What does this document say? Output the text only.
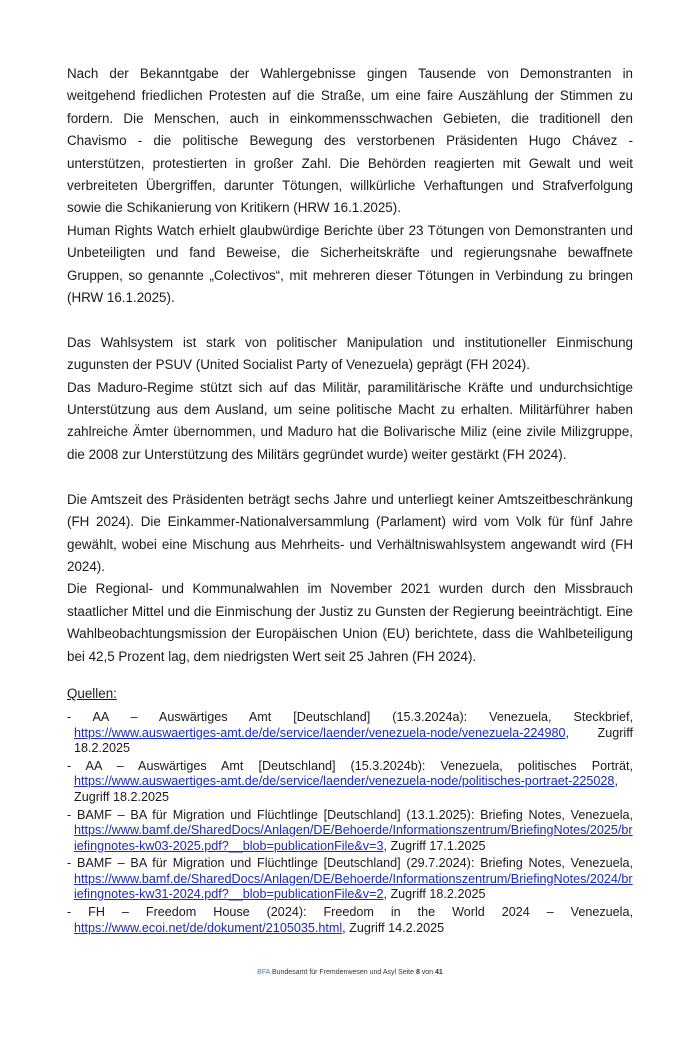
Nach der Bekanntgabe der Wahlergebnisse gingen Tausende von Demonstranten in weitgehend friedlichen Protesten auf die Straße, um eine faire Auszählung der Stimmen zu fordern. Die Menschen, auch in einkommensschwachen Gebieten, die traditionell den Chavismo - die politische Bewegung des verstorbenen Präsidenten Hugo Chávez - unterstützen, protestierten in großer Zahl. Die Behörden reagierten mit Gewalt und weit verbreiteten Übergriffen, darunter Tötungen, willkürliche Verhaftungen und Strafverfolgung sowie die Schikanierung von Kritikern (HRW 16.1.2025).

Human Rights Watch erhielt glaubwürdige Berichte über 23 Tötungen von Demonstranten und Unbeteiligten und fand Beweise, die Sicherheitskräfte und regierungsnahe bewaffnete Gruppen, so genannte „Colectivos“, mit mehreren dieser Tötungen in Verbindung zu bringen (HRW 16.1.2025).

Das Wahlsystem ist stark von politischer Manipulation und institutioneller Einmischung zugunsten der PSUV (United Socialist Party of Venezuela) geprägt (FH 2024).

Das Maduro-Regime stützt sich auf das Militär, paramilitärische Kräfte und undurchsichtige Unterstützung aus dem Ausland, um seine politische Macht zu erhalten. Militärführer haben zahlreiche Ämter übernommen, und Maduro hat die Bolivarische Miliz (eine zivile Milizgruppe, die 2008 zur Unterstützung des Militärs gegründet wurde) weiter gestärkt (FH 2024).

Die Amtszeit des Präsidenten beträgt sechs Jahre und unterliegt keiner Amtszeitbeschränkung (FH 2024). Die Einkammer-Nationalversammlung (Parlament) wird vom Volk für fünf Jahre gewählt, wobei eine Mischung aus Mehrheits- und Verhältniswahlsystem angewandt wird (FH 2024).

Die Regional- und Kommunalwahlen im November 2021 wurden durch den Missbrauch staatlicher Mittel und die Einmischung der Justiz zu Gunsten der Regierung beeinträchtigt. Eine Wahlbeobachtungsmission der Europäischen Union (EU) berichtete, dass die Wahlbeteiligung bei 42,5 Prozent lag, dem niedrigsten Wert seit 25 Jahren (FH 2024).

Quellen:

- AA – Auswärtiges Amt [Deutschland] (15.3.2024a): Venezuela, Steckbrief, https://www.auswaertiges-amt.de/de/service/laender/venezuela-node/venezuela-224980, Zugriff 18.2.2025

- AA – Auswärtiges Amt [Deutschland] (15.3.2024b): Venezuela, politisches Porträt, https://www.auswaertiges-amt.de/de/service/laender/venezuela-node/politisches-portraet-225028, Zugriff 18.2.2025

- BAMF – BA für Migration und Flüchtlinge [Deutschland] (13.1.2025): Briefing Notes, Venezuela, https://www.bamf.de/SharedDocs/Anlagen/DE/Behoerde/Informationszentrum/BriefingNotes/2025/briefingnotes-kw03-2025.pdf?__blob=publicationFile&v=3, Zugriff 17.1.2025

- BAMF – BA für Migration und Flüchtlinge [Deutschland] (29.7.2024): Briefing Notes, Venezuela, https://www.bamf.de/SharedDocs/Anlagen/DE/Behoerde/Informationszentrum/BriefingNotes/2024/briefingnotes-kw31-2024.pdf?__blob=publicationFile&v=2, Zugriff 18.2.2025

- FH – Freedom House (2024): Freedom in the World 2024 – Venezuela, https://www.ecoi.net/de/dokument/2105035.html, Zugriff 14.2.2025

BFA Bundesamt für Fremdenwesen und Asyl Seite 8 von 41
